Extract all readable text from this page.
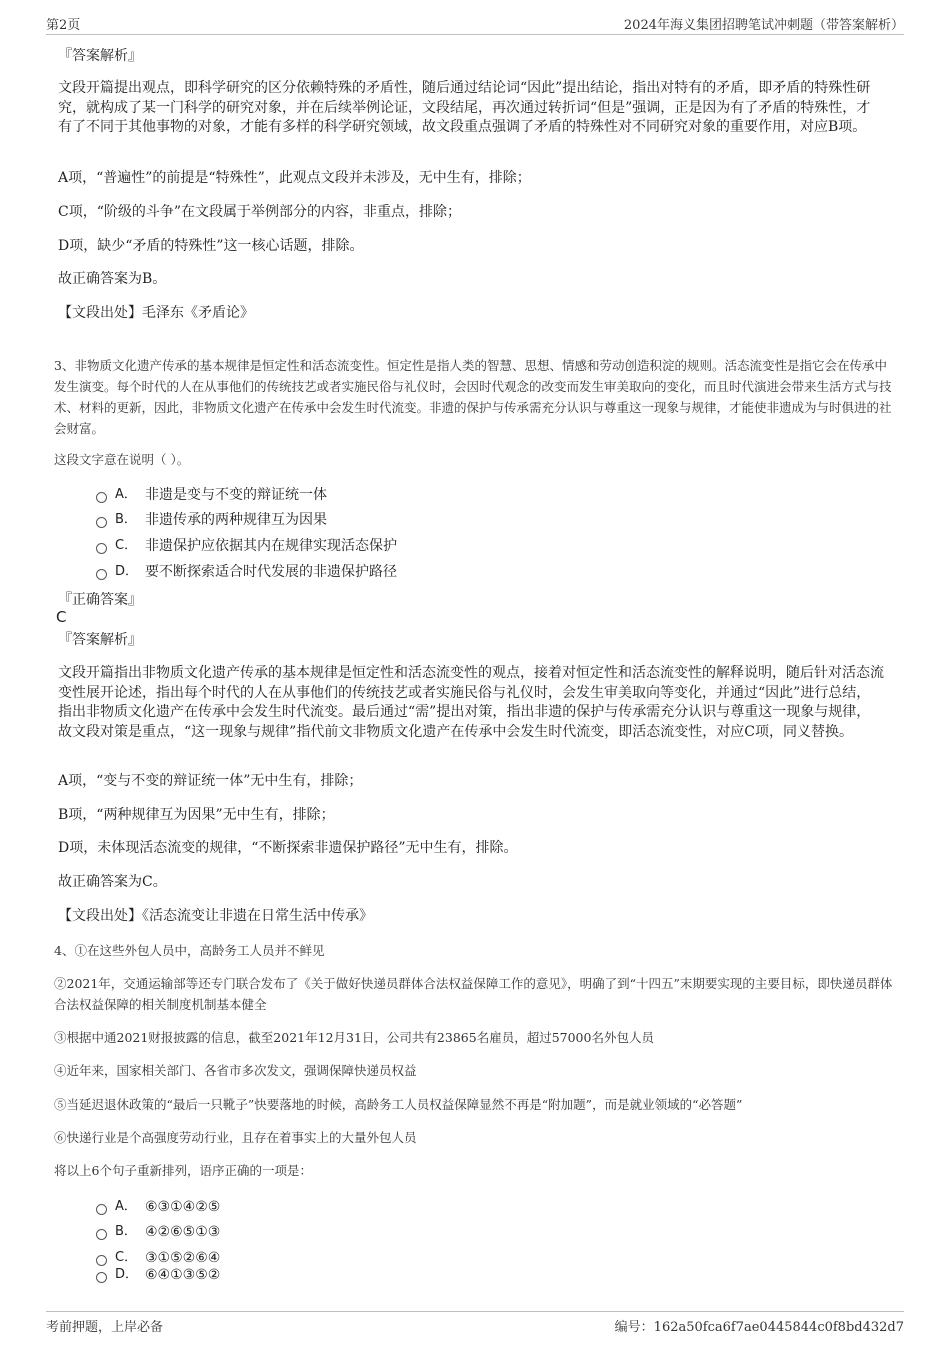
第2页	2024年海义集团招聘笔试冲刺题（带答案解析）
『答案解析』
文段开篇提出观点，即科学研究的区分依赖特殊的矛盾性，随后通过结论词“因此”提出结论，指出对特有的矛盾，即矛盾的特殊性研究，就构成了某一门科学的研究对象，并在后续举例论证，文段结尾，再次通过转折词“但是”强调，正是因为有了矛盾的特殊性，才有了不同于其他事物的对象，才能有多样的科学研究领域，故文段重点强调了矛盾的特殊性对不同研究对象的重要作用，对应B项。
A项，“普遍性”的前提是“特殊性”，此观点文段并未涉及，无中生有，排除；
C项，“阶级的斗争”在文段属于举例部分的内容，非重点，排除；
D项，缺少“矛盾的特殊性”这一核心话题，排除。
故正确答案为B。
【文段出处】毛泽东《矛盾论》
3、非物质文化遗产传承的基本规律是恒定性和活态流变性。恒定性是指人类的智慧、思想、情感和劳动创造积淀的规则。活态流变性是指它会在传承中发生演变。每个时代的人在从事他们的传统技艺或者实施民俗与礼仪时，会因时代观念的改变而发生审美取向的变化，而且时代演进会带来生活方式与技术、材料的更新，因此，非物质文化遗产在传承中会发生时代流变。非遗的保护与传承需充分认识与尊重这一现象与规律，才能使非遗成为与时俱进的社会财富。
这段文字意在说明（ ）。
A． 非遗是变与不变的辩证统一体
B． 非遗传承的两种规律互为因果
C． 非遗保护应依据其内在规律实现活态保护
D． 要不断探索适合时代发展的非遗保护路径
『正确答案』
C
『答案解析』
文段开篇指出非物质文化遗产传承的基本规律是恒定性和活态流变性的观点，接着对恒定性和活态流变性的解释说明，随后针对活态流变性展开论述，指出每个时代的人在从事他们的传统技艺或者实施民俗与礼仪时，会发生审美取向等变化，并通过“因此”进行总结，指出非物质文化遗产在传承中会发生时代流变。最后通过“需”提出对策，指出非遗的保护与传承需充分认识与尊重这一现象与规律，故文段对策是重点，“这一现象与规律”指代前文非物质文化遗产在传承中会发生时代流变，即活态流变性，对应C项，同义替换。
A项，“变与不变的辩证统一体”无中生有，排除；
B项，“两种规律互为因果”无中生有，排除；
D项，未体现活态流变的规律，“不断探索非遗保护路径”无中生有，排除。
故正确答案为C。
【文段出处】《活态流变让非遗在日常生活中传承》
4、①在这些外包人员中，高龄务工人员并不鲜见
②2021年，交通运输部等还专门联合发布了《关于做好快递员群体合法权益保障工作的意见》，明确了到“十四五”末期要实现的主要目标，即快递员群体合法权益保障的相关制度机制基本健全
③根据中通2021财报披露的信息，截至2021年12月31日，公司共有23865名雇员，超过57000名外包人员
④近年来，国家相关部门、各省市多次发文，强调保障快递员权益
⑤当延迟退休政策的“最后一只靴子”快要落地的时候，高龄务工人员权益保障显然不再是“附加题”，而是就业领域的“必答题”
⑥快递行业是个高强度劳动行业，且存在着事实上的大量外包人员
将以上6个句子重新排列，语序正确的一项是：
A． ⑥③①④②⑤
B． ④②⑥⑤①③
C． ③①⑤②⑥④
D． ⑥④①③⑤②
考前押题，上岸必备	编号：162a50fca6f7ae0445844c0f8bd432d7
